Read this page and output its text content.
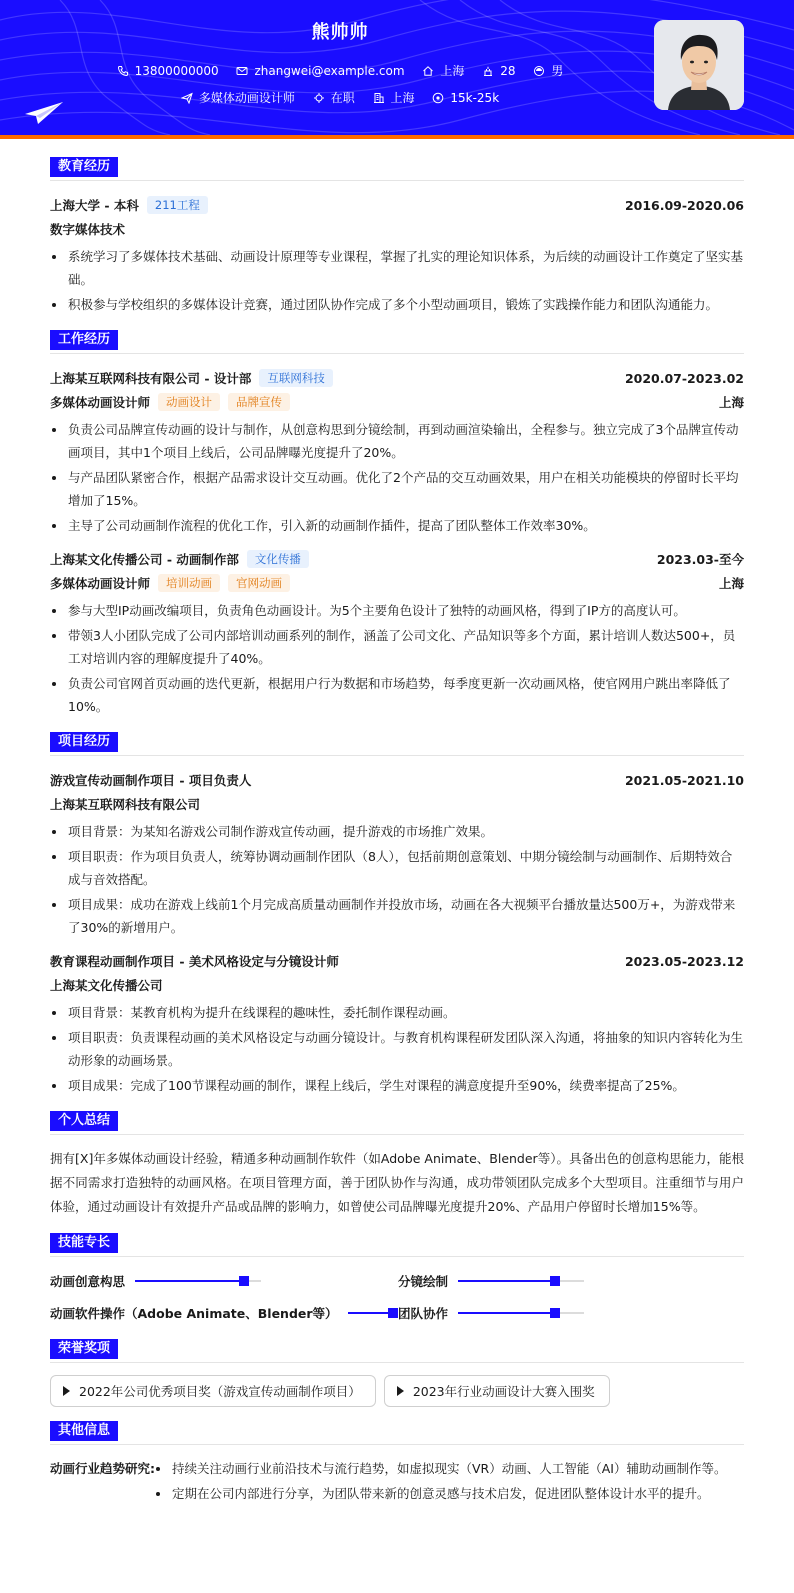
熊帅帅
13800000000
	zhangwei@example.com
	上海
	28
	男
多媒体动画设计师
	在职
	上海
	15k-25k
教育经历
上海大学 - 本科	211工程	2016.09-2020.06
数字媒体技术
系统学习了多媒体技术基础、动画设计原理等专业课程，掌握了扎实的理论知识体系，为后续的动画设计工作奠定了坚实基础。
积极参与学校组织的多媒体设计竞赛，通过团队协作完成了多个小型动画项目，锻炼了实践操作能力和团队沟通能力。
工作经历
上海某互联网科技有限公司 - 设计部	互联网科技	2020.07-2023.02
多媒体动画设计师	动画设计	品牌宣传	上海
负责公司品牌宣传动画的设计与制作，从创意构思到分镜绘制，再到动画渲染输出，全程参与。独立完成了3个品牌宣传动画项目，其中1个项目上线后，公司品牌曝光度提升了20%。
与产品团队紧密合作，根据产品需求设计交互动画。优化了2个产品的交互动画效果，用户在相关功能模块的停留时长平均增加了15%。
主导了公司动画制作流程的优化工作，引入新的动画制作插件，提高了团队整体工作效率30%。
上海某文化传播公司 - 动画制作部	文化传播	2023.03-至今
多媒体动画设计师	培训动画	官网动画	上海
参与大型IP动画改编项目，负责角色动画设计。为5个主要角色设计了独特的动画风格，得到了IP方的高度认可。
带领3人小团队完成了公司内部培训动画系列的制作，涵盖了公司文化、产品知识等多个方面，累计培训人数达500+，员工对培训内容的理解度提升了40%。
负责公司官网首页动画的迭代更新，根据用户行为数据和市场趋势，每季度更新一次动画风格，使官网用户跳出率降低了10%。
项目经历
游戏宣传动画制作项目 - 项目负责人	2021.05-2021.10
上海某互联网科技有限公司
项目背景：为某知名游戏公司制作游戏宣传动画，提升游戏的市场推广效果。
项目职责：作为项目负责人，统筹协调动画制作团队（8人），包括前期创意策划、中期分镜绘制与动画制作、后期特效合成与音效搭配。
项目成果：成功在游戏上线前1个月完成高质量动画制作并投放市场，动画在各大视频平台播放量达500万+，为游戏带来了30%的新增用户。
教育课程动画制作项目 - 美术风格设定与分镜设计师	2023.05-2023.12
上海某文化传播公司
项目背景：某教育机构为提升在线课程的趣味性，委托制作课程动画。
项目职责：负责课程动画的美术风格设定与动画分镜设计。与教育机构课程研发团队深入沟通，将抽象的知识内容转化为生动形象的动画场景。
项目成果：完成了100节课程动画的制作，课程上线后，学生对课程的满意度提升至90%，续费率提高了25%。
个人总结

拥有[X]年多媒体动画设计经验，精通多种动画制作软件（如Adobe Animate、Blender等）。具备出色的创意构思能力，能根据不同需求打造独特的动画风格。在项目管理方面，善于团队协作与沟通，成功带领团队完成多个大型项目。注重细节与用户体验，通过动画设计有效提升产品或品牌的影响力，如曾使公司品牌曝光度提升20%、产品用户停留时长增加15%等。

技能专长
动画创意构思	分镜绘制
动画软件操作（Adobe Animate、Blender等）	团队协作
荣誉奖项
2022年公司优秀项目奖（游戏宣传动画制作项目）	2023年行业动画设计大赛入围奖
其他信息
动画行业趋势研究:	持续关注动画行业前沿技术与流行趋势，如虚拟现实（VR）动画、人工智能（AI）辅助动画制作等。
定期在公司内部进行分享，为团队带来新的创意灵感与技术启发，促进团队整体设计水平的提升。
